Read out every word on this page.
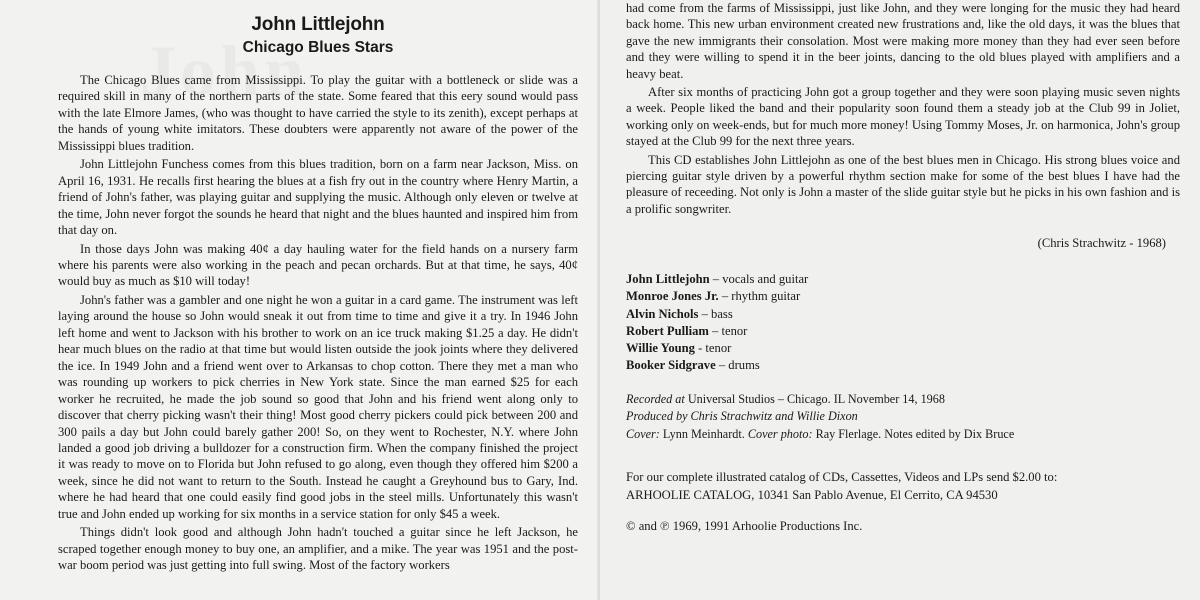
John Littlejohn
Chicago Blues Stars

The Chicago Blues came from Mississippi. To play the guitar with a bottleneck or slide was a required skill in many of the northern parts of the state. Some feared that this eery sound would pass with the late Elmore James, (who was thought to have carried the style to its zenith), except perhaps at the hands of young white imitators. These doubters were apparently not aware of the power of the Mississippi blues tradition.

John Littlejohn Funchess comes from this blues tradition, born on a farm near Jackson, Miss. on April 16, 1931. He recalls first hearing the blues at a fish fry out in the country where Henry Martin, a friend of John's father, was playing guitar and supplying the music. Although only eleven or twelve at the time, John never forgot the sounds he heard that night and the blues haunted and inspired him from that day on.

In those days John was making 40¢ a day hauling water for the field hands on a nursery farm where his parents were also working in the peach and pecan orchards. But at that time, he says, 40¢ would buy as much as $10 will today!

John's father was a gambler and one night he won a guitar in a card game. The instrument was left laying around the house so John would sneak it out from time to time and give it a try. In 1946 John left home and went to Jackson with his brother to work on an ice truck making $1.25 a day. He didn't hear much blues on the radio at that time but would listen outside the jook joints where they delivered the ice. In 1949 John and a friend went over to Arkansas to chop cotton. There they met a man who was rounding up workers to pick cherries in New York state. Since the man earned $25 for each worker he recruited, he made the job sound so good that John and his friend went along only to discover that cherry picking wasn't their thing! Most good cherry pickers could pick between 200 and 300 pails a day but John could barely gather 200! So, on they went to Rochester, N.Y. where John landed a good job driving a bulldozer for a construction firm. When the company finished the project it was ready to move on to Florida but John refused to go along, even though they offered him $200 a week, since he did not want to return to the South. Instead he caught a Greyhound bus to Gary, Ind. where he had heard that one could easily find good jobs in the steel mills. Unfortunately this wasn't true and John ended up working for six months in a service station for only $45 a week.

Things didn't look good and although John hadn't touched a guitar since he left Jackson, he scraped together enough money to buy one, an amplifier, and a mike. The year was 1951 and the post-war boom period was just getting into full swing. Most of the factory workers

had come from the farms of Mississippi, just like John, and they were longing for the music they had heard back home. This new urban environment created new frustrations and, like the old days, it was the blues that gave the new immigrants their consolation. Most were making more money than they had ever seen before and they were willing to spend it in the beer joints, dancing to the old blues played with amplifiers and a heavy beat.

After six months of practicing John got a group together and they were soon playing music seven nights a week. People liked the band and their popularity soon found them a steady job at the Club 99 in Joliet, working only on week-ends, but for much more money! Using Tommy Moses, Jr. on harmonica, John's group stayed at the Club 99 for the next three years.

This CD establishes John Littlejohn as one of the best blues men in Chicago. His strong blues voice and piercing guitar style driven by a powerful rhythm section make for some of the best blues I have had the pleasure of receeding. Not only is John a master of the slide guitar style but he picks in his own fashion and is a prolific songwriter.

(Chris Strachwitz - 1968)
John Littlejohn – vocals and guitar
Monroe Jones Jr. – rhythm guitar
Alvin Nichols – bass
Robert Pulliam – tenor
Willie Young - tenor
Booker Sidgrave – drums
Recorded at Universal Studios – Chicago. IL November 14, 1968
Produced by Chris Strachwitz and Willie Dixon
Cover: Lynn Meinhardt. Cover photo: Ray Flerlage. Notes edited by Dix Bruce
For our complete illustrated catalog of CDs, Cassettes, Videos and LPs send $2.00 to:
ARHOOLIE CATALOG, 10341 San Pablo Avenue, El Cerrito, CA 94530
© and ℗ 1969, 1991 Arhoolie Productions Inc.
